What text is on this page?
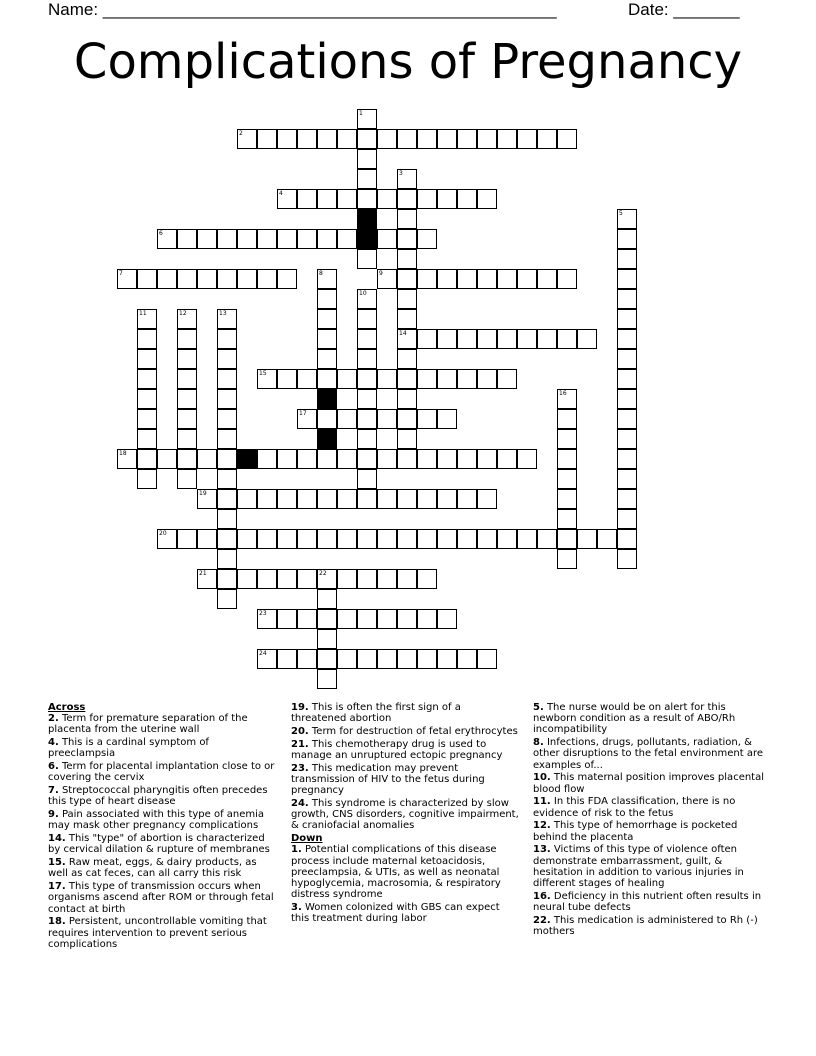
Name: ________________________________________________	Date: _______
Complications of Pregnancy
1
2
3
14
4
5
6
7	8	9
10
11	12	13
15
16
17
18
19
20
21	22
23
24
Across
2. Term for premature separation of the placenta from the uterine wall
4. This is a cardinal symptom of preeclampsia
6. Term for placental implantation close to or covering the cervix
7. Streptococcal pharyngitis often precedes this type of heart disease
9. Pain associated with this type of anemia may mask other pregnancy complications
14. This "type" of abortion is characterized by cervical dilation & rupture of membranes
15. Raw meat, eggs, & dairy products, as well as cat feces, can all carry this risk
17. This type of transmission occurs when organisms ascend after ROM or through fetal contact at birth
18. Persistent, uncontrollable vomiting that requires intervention to prevent serious complications
19. This is often the first sign of a threatened abortion
20. Term for destruction of fetal erythrocytes
21. This chemotherapy drug is used to manage an unruptured ectopic pregnancy
23. This medication may prevent transmission of HIV to the fetus during pregnancy
24. This syndrome is characterized by slow growth, CNS disorders, cognitive impairment, & craniofacial anomalies
Down
1. Potential complications of this disease process include maternal ketoacidosis, preeclampsia, & UTIs, as well as neonatal hypoglycemia, macrosomia, & respiratory distress syndrome
3. Women colonized with GBS can expect this treatment during labor
5. The nurse would be on alert for this newborn condition as a result of ABO/Rh incompatibility
8. Infections, drugs, pollutants, radiation, & other disruptions to the fetal environment are examples of...
10. This maternal position improves placental blood flow
11. In this FDA classification, there is no evidence of risk to the fetus
12. This type of hemorrhage is pocketed behind the placenta
13. Victims of this type of violence often demonstrate embarrassment, guilt, & hesitation in addition to various injuries in different stages of healing
16. Deficiency in this nutrient often results in neural tube defects
22. This medication is administered to Rh (-) mothers
